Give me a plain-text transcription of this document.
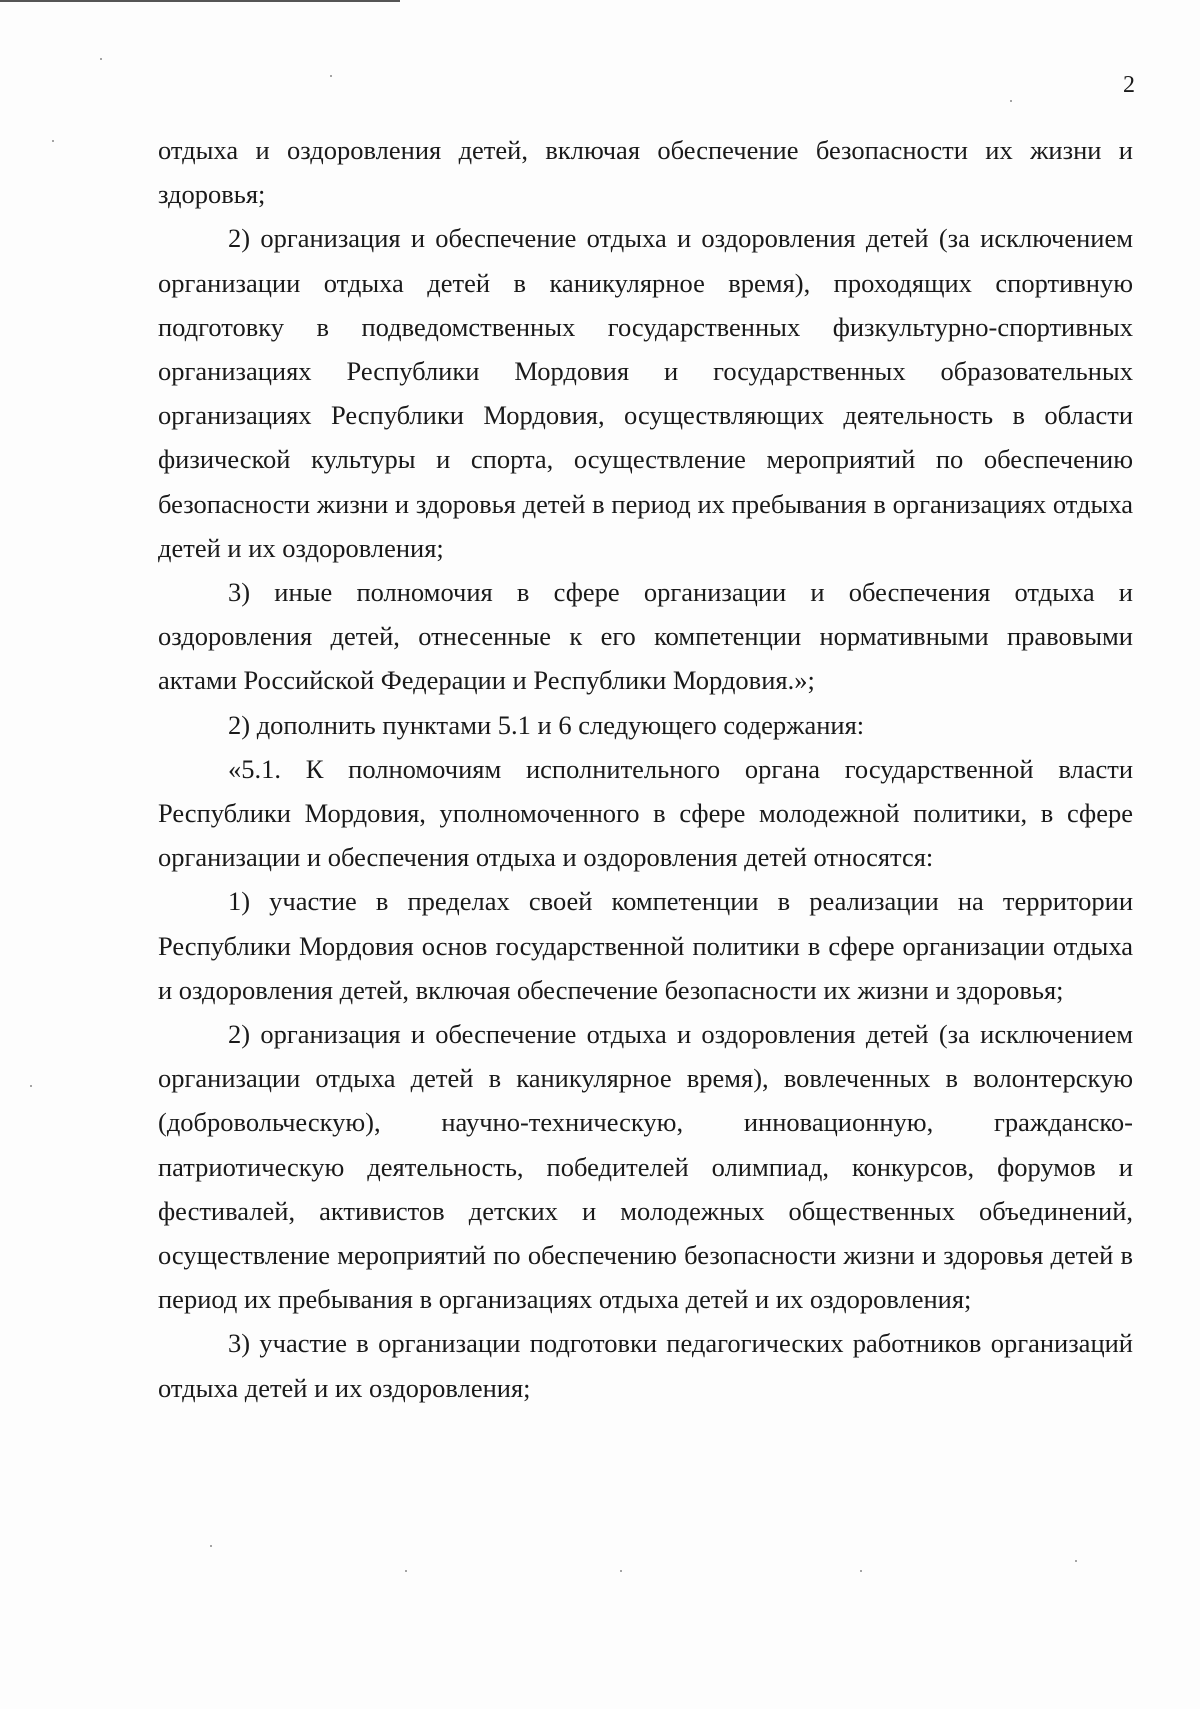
2

отдыха и оздоровления детей, включая обеспечение безопасности их жизни и здоровья;

2) организация и обеспечение отдыха и оздоровления детей (за исключением организации отдыха детей в каникулярное время), проходящих спортивную подготовку в подведомственных государственных физкультурно-спортивных организациях Республики Мордовия и государственных образовательных организациях Республики Мордовия, осуществляющих деятельность в области физической культуры и спорта, осуществление мероприятий по обеспечению безопасности жизни и здоровья детей в период их пребывания в организациях отдыха детей и их оздоровления;

3) иные полномочия в сфере организации и обеспечения отдыха и оздоровления детей, отнесенные к его компетенции нормативными правовыми актами Российской Федерации и Республики Мордовия.»;

2) дополнить пунктами 5.1 и 6 следующего содержания:

«5.1. К полномочиям исполнительного органа государственной власти Республики Мордовия, уполномоченного в сфере молодежной политики, в сфере организации и обеспечения отдыха и оздоровления детей относятся:

1) участие в пределах своей компетенции в реализации на территории Республики Мордовия основ государственной политики в сфере организации отдыха и оздоровления детей, включая обеспечение безопасности их жизни и здоровья;

2) организация и обеспечение отдыха и оздоровления детей (за исключением организации отдыха детей в каникулярное время), вовлеченных в волонтерскую (добровольческую), научно-техническую, инновационную, гражданско-патриотическую деятельность, победителей олимпиад, конкурсов, форумов и фестивалей, активистов детских и молодежных общественных объединений, осуществление мероприятий по обеспечению безопасности жизни и здоровья детей в период их пребывания в организациях отдыха детей и их оздоровления;

3) участие в организации подготовки педагогических работников организаций отдыха детей и их оздоровления;
